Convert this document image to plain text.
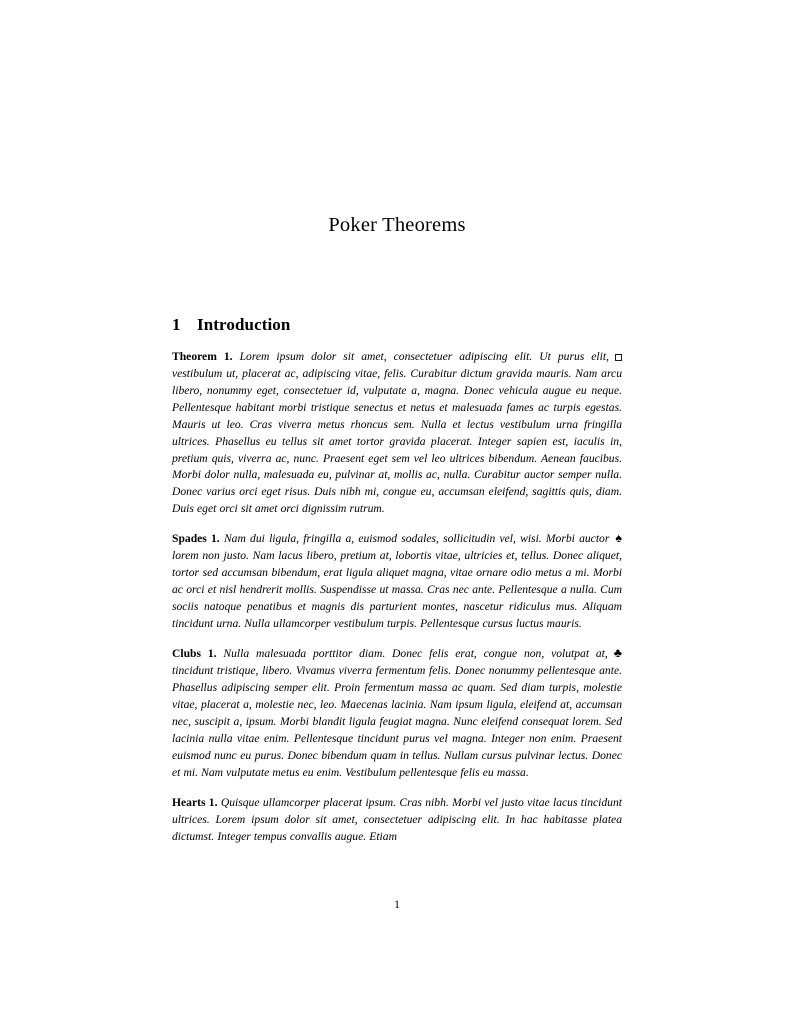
Poker Theorems
1 Introduction

Theorem 1. Lorem ipsum dolor sit amet, consectetuer adipiscing elit. Ut purus elit, vestibulum ut, placerat ac, adipiscing vitae, felis. Curabitur dictum gravida mauris. Nam arcu libero, nonummy eget, consectetuer id, vulputate a, magna. Donec vehicula augue eu neque. Pellentesque habitant morbi tristique senectus et netus et malesuada fames ac turpis egestas. Mauris ut leo. Cras viverra metus rhoncus sem. Nulla et lectus vestibulum urna fringilla ultrices. Phasellus eu tellus sit amet tortor gravida placerat. Integer sapien est, iaculis in, pretium quis, viverra ac, nunc. Praesent eget sem vel leo ultrices bibendum. Aenean faucibus. Morbi dolor nulla, malesuada eu, pulvinar at, mollis ac, nulla. Curabitur auctor semper nulla. Donec varius orci eget risus. Duis nibh mi, congue eu, accumsan eleifend, sagittis quis, diam. Duis eget orci sit amet orci dignissim rutrum.

♠
Spades 1. Nam dui ligula, fringilla a, euismod sodales, sollicitudin vel, wisi. Morbi auctor lorem non justo. Nam lacus libero, pretium at, lobortis vitae, ultricies et, tellus. Donec aliquet, tortor sed accumsan bibendum, erat ligula aliquet magna, vitae ornare odio metus a mi. Morbi ac orci et nisl hendrerit mollis. Suspendisse ut massa. Cras nec ante. Pellentesque a nulla. Cum sociis natoque penatibus et magnis dis parturient montes, nascetur ridiculus mus. Aliquam tincidunt urna. Nulla ullamcorper vestibulum turpis. Pellentesque cursus luctus mauris.

♣
Clubs 1. Nulla malesuada porttitor diam. Donec felis erat, congue non, volutpat at, tincidunt tristique, libero. Vivamus viverra fermentum felis. Donec nonummy pellentesque ante. Phasellus adipiscing semper elit. Proin fermentum massa ac quam. Sed diam turpis, molestie vitae, placerat a, molestie nec, leo. Maecenas lacinia. Nam ipsum ligula, eleifend at, accumsan nec, suscipit a, ipsum. Morbi blandit ligula feugiat magna. Nunc eleifend consequat lorem. Sed lacinia nulla vitae enim. Pellentesque tincidunt purus vel magna. Integer non enim. Praesent euismod nunc eu purus. Donec bibendum quam in tellus. Nullam cursus pulvinar lectus. Donec et mi. Nam vulputate metus eu enim. Vestibulum pellentesque felis eu massa.

Hearts 1. Quisque ullamcorper placerat ipsum. Cras nibh. Morbi vel justo vitae lacus tincidunt ultrices. Lorem ipsum dolor sit amet, consectetuer adipiscing elit. In hac habitasse platea dictumst. Integer tempus convallis augue. Etiam

1
